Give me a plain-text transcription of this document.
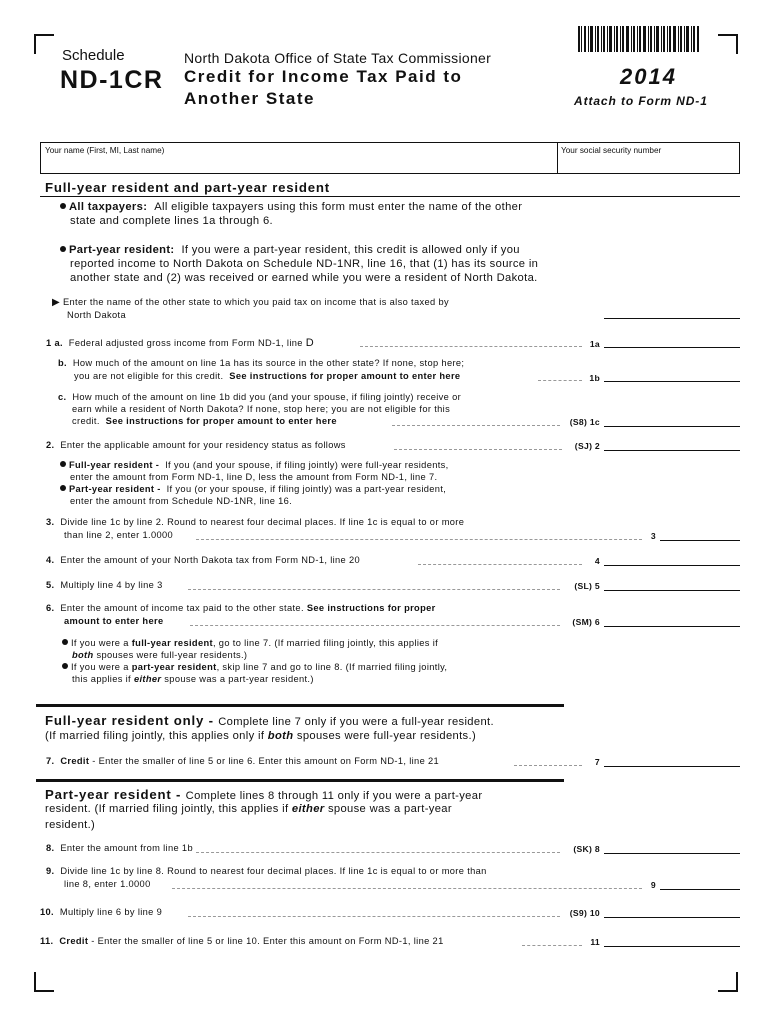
Schedule
ND-1CR
North Dakota Office of State Tax Commissioner
Credit for Income Tax Paid to
Another State
2014
Attach to Form ND-1
Your name (First, MI, Last name)	Your social security number
Full-year resident and part-year resident
All taxpayers: All eligible taxpayers using this form must enter the name of the other
state and complete lines 1a through 6.
Part-year resident: If you were a part-year resident, this credit is allowed only if you
reported income to North Dakota on Schedule ND-1NR, line 16, that (1) has its source in
another state and (2) was received or earned while you were a resident of North Dakota.
▶ Enter the name of the other state to which you paid tax on income that is also taxed by
North Dakota
1 a. Federal adjusted gross income from Form ND-1, line D	1a
b. How much of the amount on line 1a has its source in the other state? If none, stop here;
you are not eligible for this credit. See instructions for proper amount to enter here	1b
c. How much of the amount on line 1b did you (and your spouse, if filing jointly) receive or
earn while a resident of North Dakota? If none, stop here; you are not eligible for this
credit. See instructions for proper amount to enter here	(S8) 1c
2. Enter the applicable amount for your residency status as follows	(SJ) 2
Full-year resident - If you (and your spouse, if filing jointly) were full-year residents,
enter the amount from Form ND-1, line D, less the amount from Form ND-1, line 7.
Part-year resident - If you (or your spouse, if filing jointly) was a part-year resident,
enter the amount from Schedule ND-1NR, line 16.
3. Divide line 1c by line 2. Round to nearest four decimal places. If line 1c is equal to or more
than line 2, enter 1.0000	3
4. Enter the amount of your North Dakota tax from Form ND-1, line 20	4
5. Multiply line 4 by line 3	(SL) 5
6. Enter the amount of income tax paid to the other state. See instructions for proper
amount to enter here	(SM) 6
If you were a full-year resident, go to line 7. (If married filing jointly, this applies if
both spouses were full-year residents.)
If you were a part-year resident, skip line 7 and go to line 8. (If married filing jointly,
this applies if either spouse was a part-year resident.)
Full-year resident only - Complete line 7 only if you were a full-year resident.
(If married filing jointly, this applies only if both spouses were full-year residents.)
7. Credit - Enter the smaller of line 5 or line 6. Enter this amount on Form ND-1, line 21	7
Part-year resident - Complete lines 8 through 11 only if you were a part-year
resident. (If married filing jointly, this applies if either spouse was a part-year
resident.)
8. Enter the amount from line 1b	(SK) 8
9. Divide line 1c by line 8. Round to nearest four decimal places. If line 1c is equal to or more than
line 8, enter 1.0000	9
10. Multiply line 6 by line 9	(S9) 10
11. Credit - Enter the smaller of line 5 or line 10. Enter this amount on Form ND-1, line 21	11
